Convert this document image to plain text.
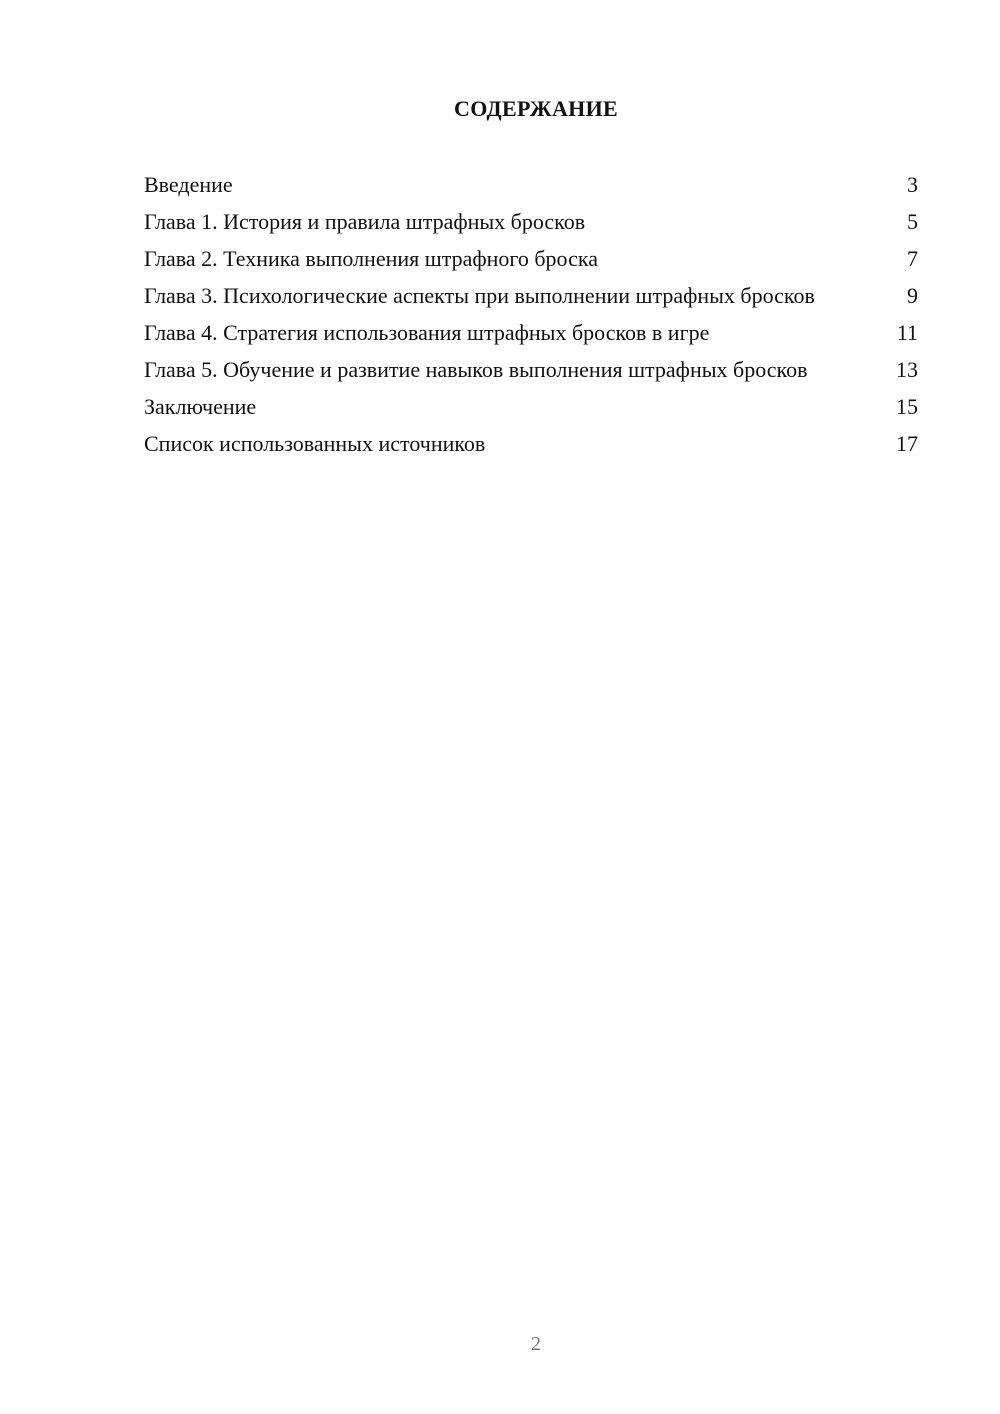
СОДЕРЖАНИЕ
Введение	3
Глава 1. История и правила штрафных бросков	5
Глава 2. Техника выполнения штрафного броска	7
Глава 3. Психологические аспекты при выполнении штрафных бросков	9
Глава 4. Стратегия использования штрафных бросков в игре	11
Глава 5. Обучение и развитие навыков выполнения штрафных бросков	13
Заключение	15
Список использованных источников	17
2
